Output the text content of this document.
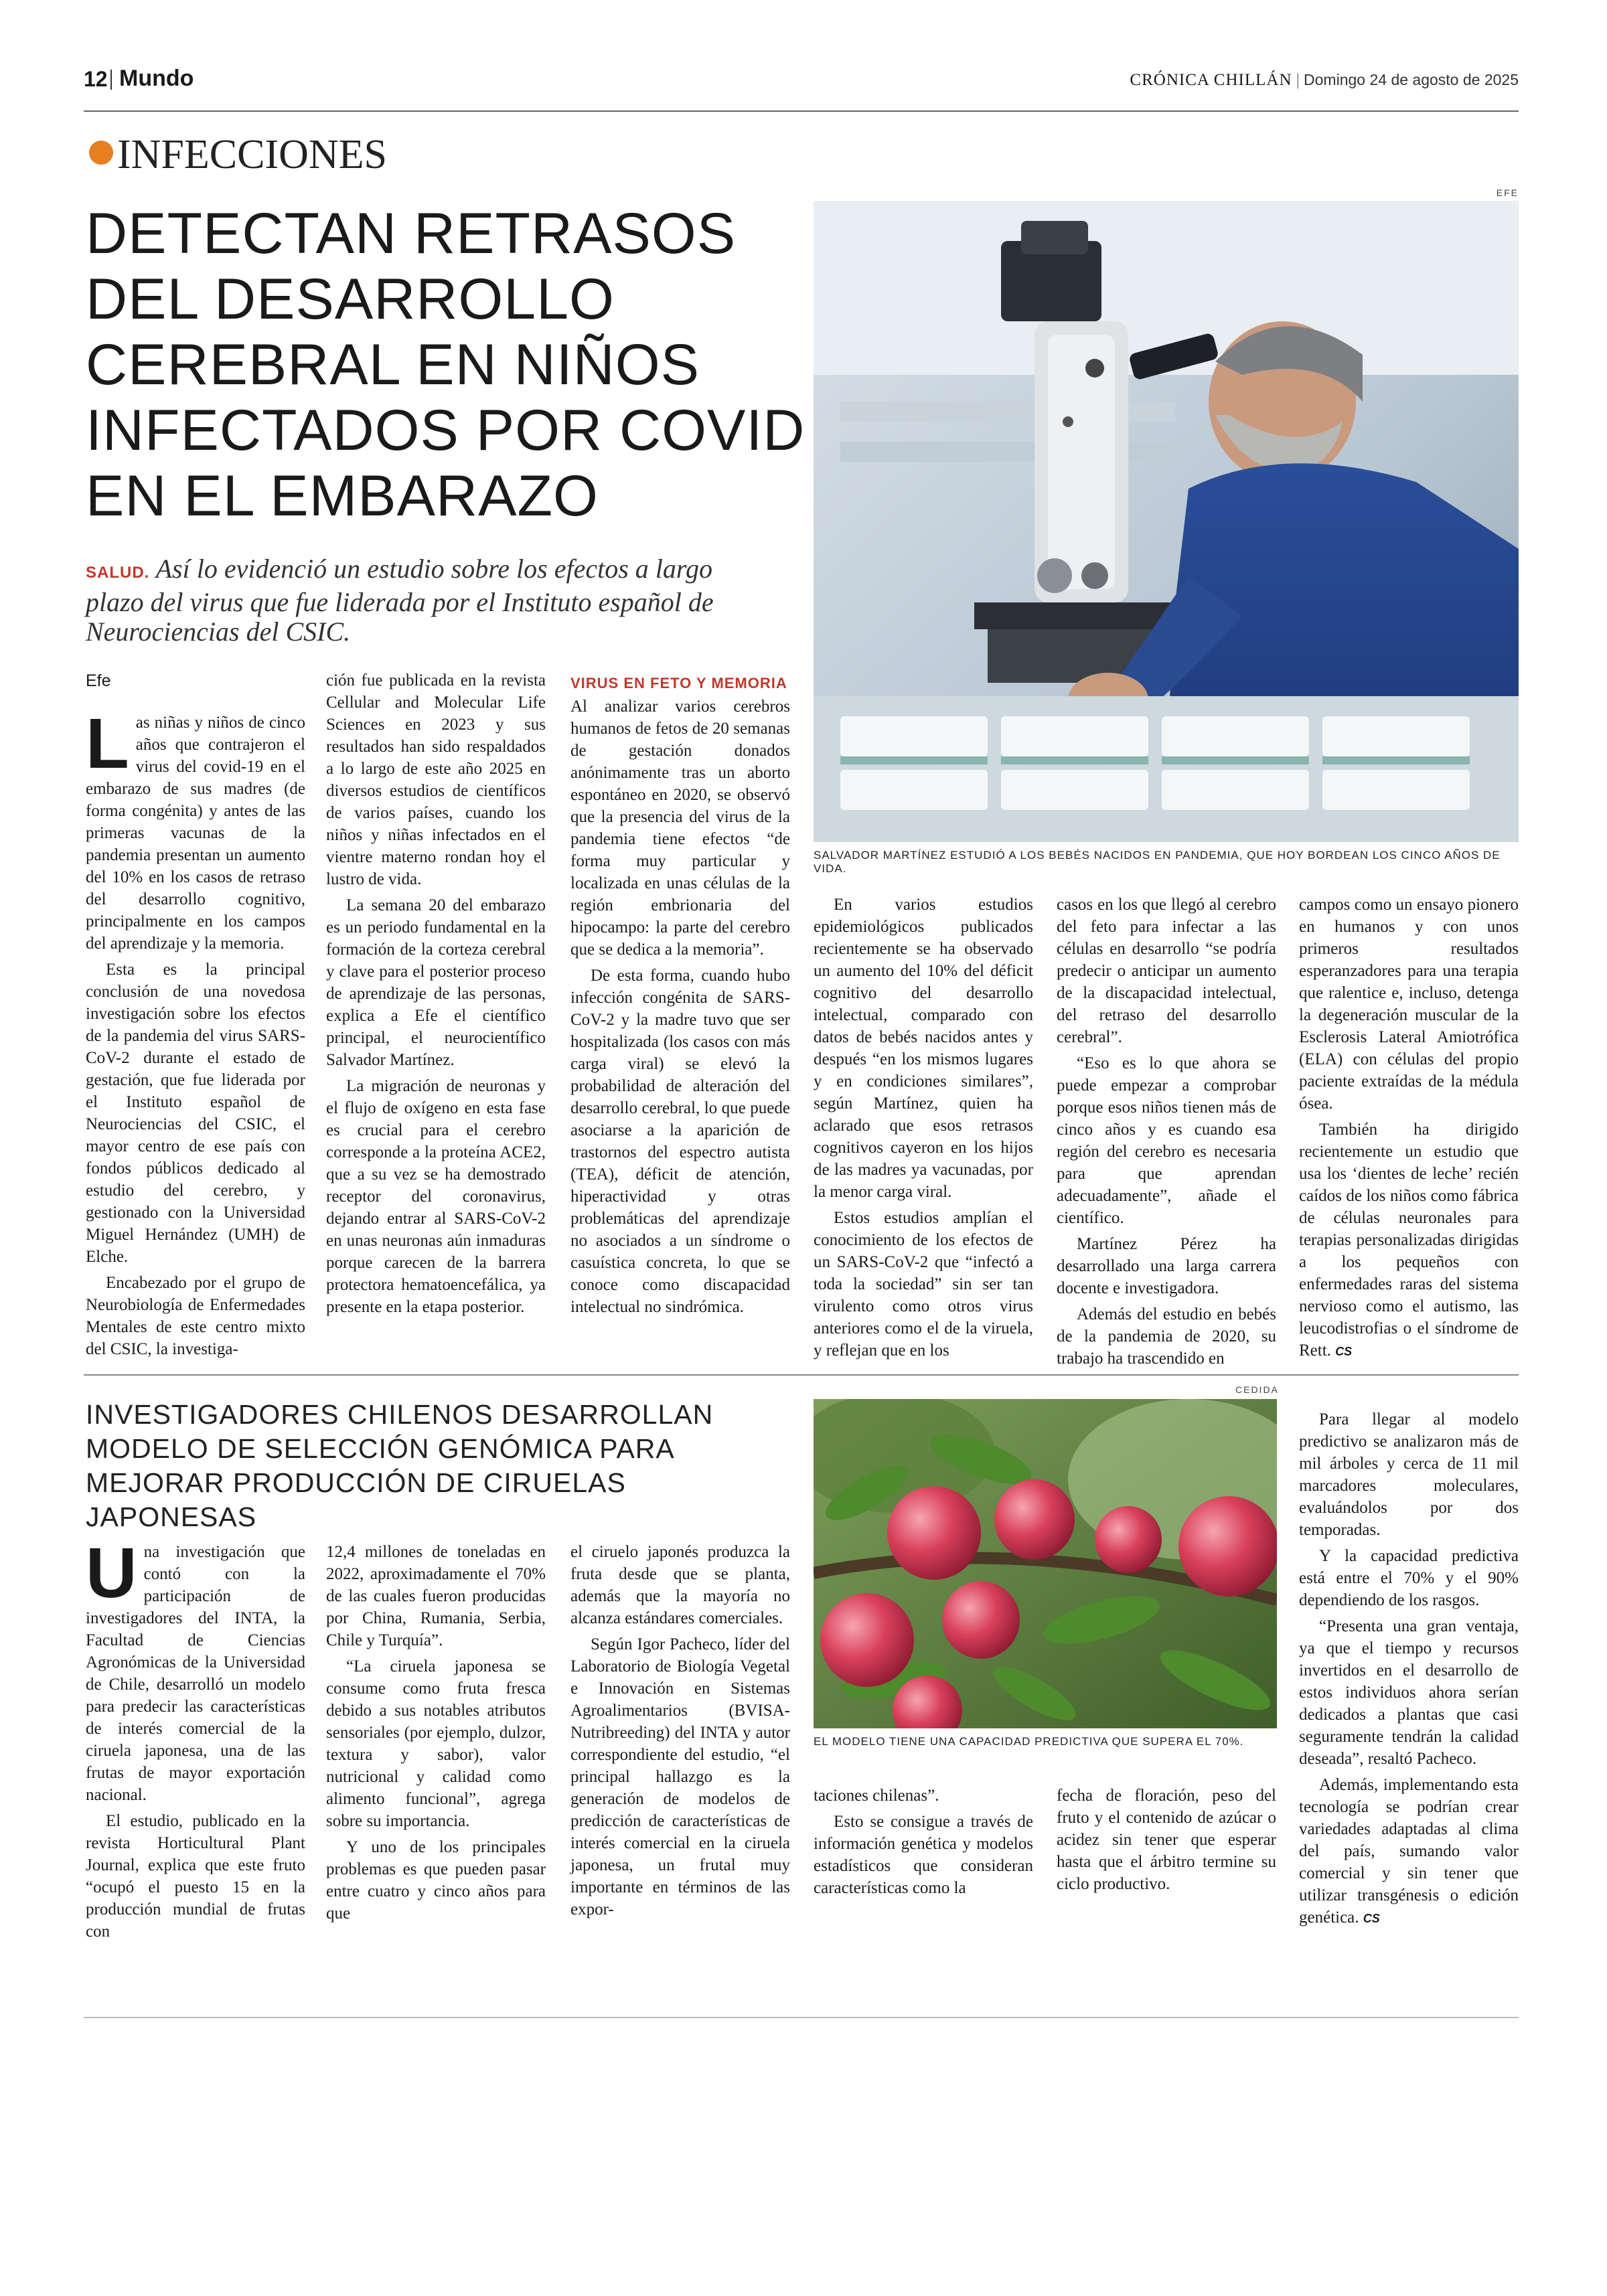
12 Mundo	CRÓNICA CHILLÁN | Domingo 24 de agosto de 2025
INFECCIONES
DETECTAN RETRASOS
DEL DESARROLLO
CEREBRAL EN NIÑOS
INFECTADOS POR COVID
EN EL EMBARAZO
SALUD. Así lo evidenció un estudio sobre los efectos a largo plazo del virus que fue liderada por el Instituto español de Neurociencias del CSIC.
Efe
EFE
SALVADOR MARTÍNEZ ESTUDIÓ A LOS BEBÉS NACIDOS EN PANDEMIA, QUE HOY BORDEAN LOS CINCO AÑOS DE VIDA.

Las niñas y niños de cinco años que contrajeron el virus del covid-19 en el embarazo de sus madres (de forma congénita) y antes de las primeras vacunas de la pandemia presentan un aumento del 10% en los casos de retraso del desarrollo cognitivo, principalmente en los campos del aprendizaje y la memoria.

Esta es la principal conclusión de una novedosa investigación sobre los efectos de la pandemia del virus SARS-CoV-2 durante el estado de gestación, que fue liderada por el Instituto español de Neurociencias del CSIC, el mayor centro de ese país con fondos públicos dedicado al estudio del cerebro, y gestionado con la Universidad Miguel Hernández (UMH) de Elche.

Encabezado por el grupo de Neurobiología de Enfermedades Mentales de este centro mixto del CSIC, la investiga-

ción fue publicada en la revista Cellular and Molecular Life Sciences en 2023 y sus resultados han sido respaldados a lo largo de este año 2025 en diversos estudios de científicos de varios países, cuando los niños y niñas infectados en el vientre materno rondan hoy el lustro de vida.

La semana 20 del embarazo es un periodo fundamental en la formación de la corteza cerebral y clave para el posterior proceso de aprendizaje de las personas, explica a Efe el científico principal, el neurocientífico Salvador Martínez.

La migración de neuronas y el flujo de oxígeno en esta fase es crucial para el cerebro corresponde a la proteína ACE2, que a su vez se ha demostrado receptor del coronavirus, dejando entrar al SARS-CoV-2 en unas neuronas aún inmaduras porque carecen de la barrera protectora hematoencefálica, ya presente en la etapa posterior.

VIRUS EN FETO Y MEMORIA

Al analizar varios cerebros humanos de fetos de 20 semanas de gestación donados anónimamente tras un aborto espontáneo en 2020, se observó que la presencia del virus de la pandemia tiene efectos “de forma muy particular y localizada en unas células de la región embrionaria del hipocampo: la parte del cerebro que se dedica a la memoria”.

De esta forma, cuando hubo infección congénita de SARS-CoV-2 y la madre tuvo que ser hospitalizada (los casos con más carga viral) se elevó la probabilidad de alteración del desarrollo cerebral, lo que puede asociarse a la aparición de trastornos del espectro autista (TEA), déficit de atención, hiperactividad y otras problemáticas del aprendizaje no asociados a un síndrome o casuística concreta, lo que se conoce como discapacidad intelectual no sindrómica.

En varios estudios epidemiológicos publicados recientemente se ha observado un aumento del 10% del déficit cognitivo del desarrollo intelectual, comparado con datos de bebés nacidos antes y después “en los mismos lugares y en condiciones similares”, según Martínez, quien ha aclarado que esos retrasos cognitivos cayeron en los hijos de las madres ya vacunadas, por la menor carga viral.

Estos estudios amplían el conocimiento de los efectos de un SARS-CoV-2 que “infectó a toda la sociedad” sin ser tan virulento como otros virus anteriores como el de la viruela, y reflejan que en los

casos en los que llegó al cerebro del feto para infectar a las células en desarrollo “se podría predecir o anticipar un aumento de la discapacidad intelectual, del retraso del desarrollo cerebral”.

“Eso es lo que ahora se puede empezar a comprobar porque esos niños tienen más de cinco años y es cuando esa región del cerebro es necesaria para que aprendan adecuadamente”, añade el científico.

Martínez Pérez ha desarrollado una larga carrera docente e investigadora.

Además del estudio en bebés de la pandemia de 2020, su trabajo ha trascendido en

campos como un ensayo pionero en humanos y con unos primeros resultados esperanzadores para una terapia que ralentice e, incluso, detenga la degeneración muscular de la Esclerosis Lateral Amiotrófica (ELA) con células del propio paciente extraídas de la médula ósea.

También ha dirigido recientemente un estudio que usa los ‘dientes de leche’ recién caídos de los niños como fábrica de células neuronales para terapias personalizadas dirigidas a los pequeños con enfermedades raras del sistema nervioso como el autismo, las leucodistrofias o el síndrome de Rett. CS

INVESTIGADORES CHILENOS DESARROLLAN
MODELO DE SELECCIÓN GENÓMICA PARA
MEJORAR PRODUCCIÓN DE CIRUELAS JAPONESAS
CEDIDA
EL MODELO TIENE UNA CAPACIDAD PREDICTIVA QUE SUPERA EL 70%.

Una investigación que contó con la participación de investigadores del INTA, la Facultad de Ciencias Agronómicas de la Universidad de Chile, desarrolló un modelo para predecir las características de interés comercial de la ciruela japonesa, una de las frutas de mayor exportación nacional.

El estudio, publicado en la revista Horticultural Plant Journal, explica que este fruto “ocupó el puesto 15 en la producción mundial de frutas con

12,4 millones de toneladas en 2022, aproximadamente el 70% de las cuales fueron producidas por China, Rumania, Serbia, Chile y Turquía”.

“La ciruela japonesa se consume como fruta fresca debido a sus notables atributos sensoriales (por ejemplo, dulzor, textura y sabor), valor nutricional y calidad como alimento funcional”, agrega sobre su importancia.

Y uno de los principales problemas es que pueden pasar entre cuatro y cinco años para que

el ciruelo japonés produzca la fruta desde que se planta, además que la mayoría no alcanza estándares comerciales.

Según Igor Pacheco, líder del Laboratorio de Biología Vegetal e Innovación en Sistemas Agroalimentarios (BVISA-Nutribreeding) del INTA y autor correspondiente del estudio, “el principal hallazgo es la generación de modelos de predicción de características de interés comercial en la ciruela japonesa, un frutal muy importante en términos de las expor-

taciones chilenas”.

Esto se consigue a través de información genética y modelos estadísticos que consideran características como la

fecha de floración, peso del fruto y el contenido de azúcar o acidez sin tener que esperar hasta que el árbitro termine su ciclo productivo.

Para llegar al modelo predictivo se analizaron más de mil árboles y cerca de 11 mil marcadores moleculares, evaluándolos por dos temporadas.

Y la capacidad predictiva está entre el 70% y el 90% dependiendo de los rasgos.

“Presenta una gran ventaja, ya que el tiempo y recursos invertidos en el desarrollo de estos individuos ahora serían dedicados a plantas que casi seguramente tendrán la calidad deseada”, resaltó Pacheco.

Además, implementando esta tecnología se podrían crear variedades adaptadas al clima del país, sumando valor comercial y sin tener que utilizar transgénesis o edición genética. CS
